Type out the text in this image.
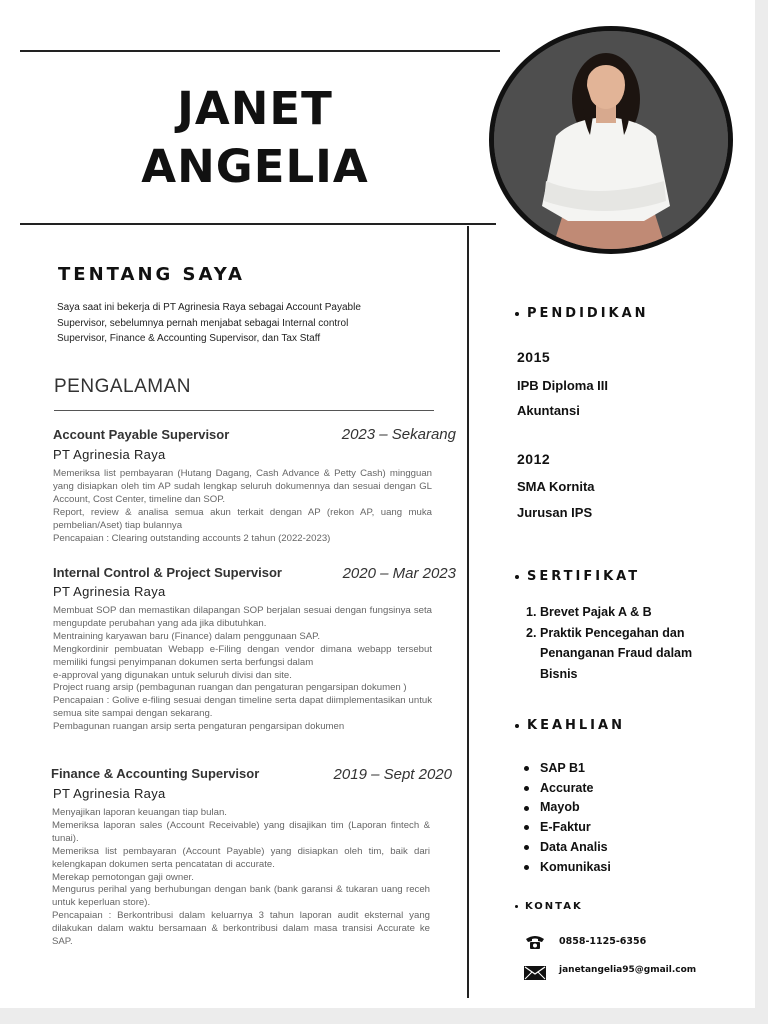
JANET
ANGELIA
TENTANG SAYA
Saya saat ini bekerja di PT Agrinesia Raya sebagai Account Payable
Supervisor, sebelumnya pernah menjabat sebagai Internal control
Supervisor, Finance & Accounting Supervisor, dan Tax Staff
PENGALAMAN
Account Payable Supervisor	2023 – Sekarang
PT Agrinesia Raya
Memeriksa list pembayaran (Hutang Dagang, Cash Advance & Petty Cash) mingguan yang disiapkan oleh tim AP sudah lengkap seluruh dokumennya dan sesuai dengan GL Account, Cost Center, timeline dan SOP.
Report, review & analisa semua akun terkait dengan AP (rekon AP, uang muka pembelian/Aset) tiap bulannya
Pencapaian : Clearing outstanding accounts 2 tahun (2022-2023)
Internal Control & Project Supervisor	2020 – Mar 2023
PT Agrinesia Raya
Membuat SOP dan memastikan dilapangan SOP berjalan sesuai dengan fungsinya seta mengupdate perubahan yang ada jika dibutuhkan.
Mentraining karyawan baru (Finance) dalam penggunaan SAP.
Mengkordinir pembuatan Webapp e-Filing dengan vendor dimana webapp tersebut memiliki fungsi penyimpanan dokumen serta berfungsi dalam
e-approval yang digunakan untuk seluruh divisi dan site.
Project ruang arsip (pembagunan ruangan dan pengaturan pengarsipan dokumen )
Pencapaian : Golive e-filing sesuai dengan timeline serta dapat diimplementasikan untuk semua site sampai dengan sekarang.
Pembagunan ruangan arsip serta pengaturan pengarsipan dokumen
Finance & Accounting Supervisor	2019 – Sept 2020
PT Agrinesia Raya
Menyajikan laporan keuangan tiap bulan.
Memeriksa laporan sales (Account Receivable) yang disajikan tim (Laporan fintech & tunai).
Memeriksa list pembayaran (Account Payable) yang disiapkan oleh tim, baik dari kelengkapan dokumen serta pencatatan di accurate.
Merekap pemotongan gaji owner.
Mengurus perihal yang berhubungan dengan bank (bank garansi & tukaran uang receh untuk keperluan store).
Pencapaian : Berkontribusi dalam keluarnya 3 tahun laporan audit eksternal yang dilakukan dalam waktu bersamaan & berkontribusi dalam masa transisi Accurate ke SAP.
PENDIDIKAN
2015
IPB Diploma III
Akuntansi
2012
SMA Kornita
Jurusan IPS
SERTIFIKAT
1. Brevet Pajak A & B
2. Praktik Pencegahan dan
Penanganan Fraud dalam
Bisnis
KEAHLIAN
SAP B1
Accurate
Mayob
E-Faktur
Data Analis
Komunikasi
KONTAK
0858-1125-6356
janetangelia95@gmail.com
